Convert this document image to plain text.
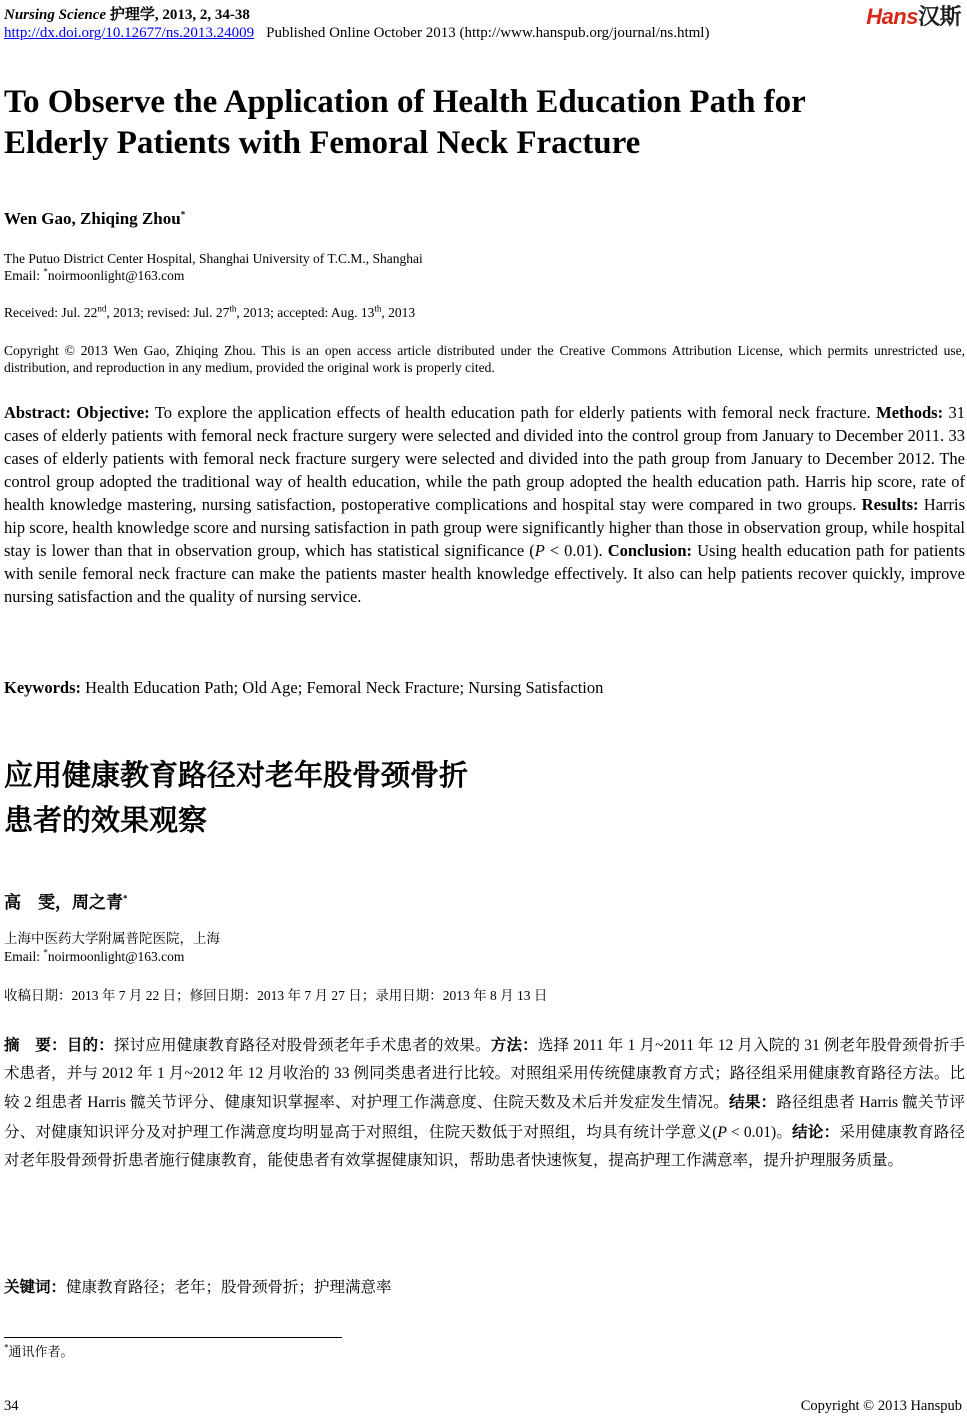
Nursing Science 护理学, 2013, 2, 34-38
http://dx.doi.org/10.12677/ns.2013.24009 Published Online October 2013 (http://www.hanspub.org/journal/ns.html)
Hans汉斯
To Observe the Application of Health Education Path for
Elderly Patients with Femoral Neck Fracture
Wen Gao, Zhiqing Zhou*
The Putuo District Center Hospital, Shanghai University of T.C.M., Shanghai
Email: *noirmoonlight@163.com
Received: Jul. 22nd, 2013; revised: Jul. 27th, 2013; accepted: Aug. 13th, 2013
Copyright © 2013 Wen Gao, Zhiqing Zhou. This is an open access article distributed under the Creative Commons Attribution License, which permits unrestricted use, distribution, and reproduction in any medium, provided the original work is properly cited.

Abstract: Objective: To explore the application effects of health education path for elderly patients with femoral neck fracture. Methods: 31 cases of elderly patients with femoral neck fracture surgery were selected and divided into the control group from January to December 2011. 33 cases of elderly patients with femoral neck fracture surgery were selected and divided into the path group from January to December 2012. The control group adopted the traditional way of health education, while the path group adopted the health education path. Harris hip score, rate of health knowledge mastering, nursing satisfaction, postoperative complications and hospital stay were compared in two groups. Results: Harris hip score, health knowledge score and nursing satisfaction in path group were significantly higher than those in observation group, while hospital stay is lower than that in observation group, which has statistical significance (P < 0.01). Conclusion: Using health education path for patients with senile femoral neck fracture can make the patients master health knowledge effectively. It also can help patients recover quickly, improve nursing satisfaction and the quality of nursing service.

Keywords: Health Education Path; Old Age; Femoral Neck Fracture; Nursing Satisfaction
应用健康教育路径对老年股骨颈骨折
患者的效果观察
高　雯，周之青*
上海中医药大学附属普陀医院，上海
Email: *noirmoonlight@163.com
收稿日期：2013 年 7 月 22 日；修回日期：2013 年 7 月 27 日；录用日期：2013 年 8 月 13 日

摘　要：目的：探讨应用健康教育路径对股骨颈老年手术患者的效果。方法：选择 2011 年 1 月~2011 年 12 月入院的 31 例老年股骨颈骨折手术患者，并与 2012 年 1 月~2012 年 12 月收治的 33 例同类患者进行比较。对照组采用传统健康教育方式；路径组采用健康教育路径方法。比较 2 组患者 Harris 髋关节评分、健康知识掌握率、对护理工作满意度、住院天数及术后并发症发生情况。结果：路径组患者 Harris 髋关节评分、对健康知识评分及对护理工作满意度均明显高于对照组，住院天数低于对照组，均具有统计学意义(P < 0.01)。结论：采用健康教育路径对老年股骨颈骨折患者施行健康教育，能使患者有效掌握健康知识，帮助患者快速恢复，提高护理工作满意率，提升护理服务质量。

关键词：健康教育路径；老年；股骨颈骨折；护理满意率
*通讯作者。
34	Copyright © 2013 Hanspub
